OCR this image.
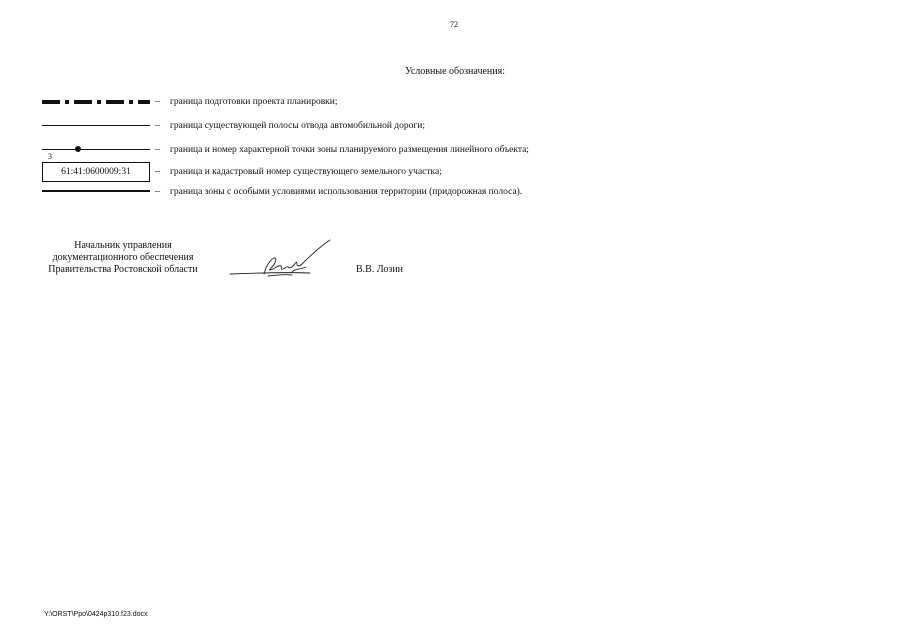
72
Условные обозначения:
–	граница подготовки проекта планировки;
–	граница существующей полосы отвода автомобильной дороги;
3
–	граница и номер характерной точки зоны планируемого размещения линейного объекта;
61:41:0600009:31	–	граница и кадастровый номер существующего земельного участка;
–	граница зоны с особыми условиями использования территории (придорожная полоса).
Начальник управления
документационного обеспечения
Правительства Ростовской области	В.В. Лозин
Y:\ORST\Ppo\0424p310.f23.docx
